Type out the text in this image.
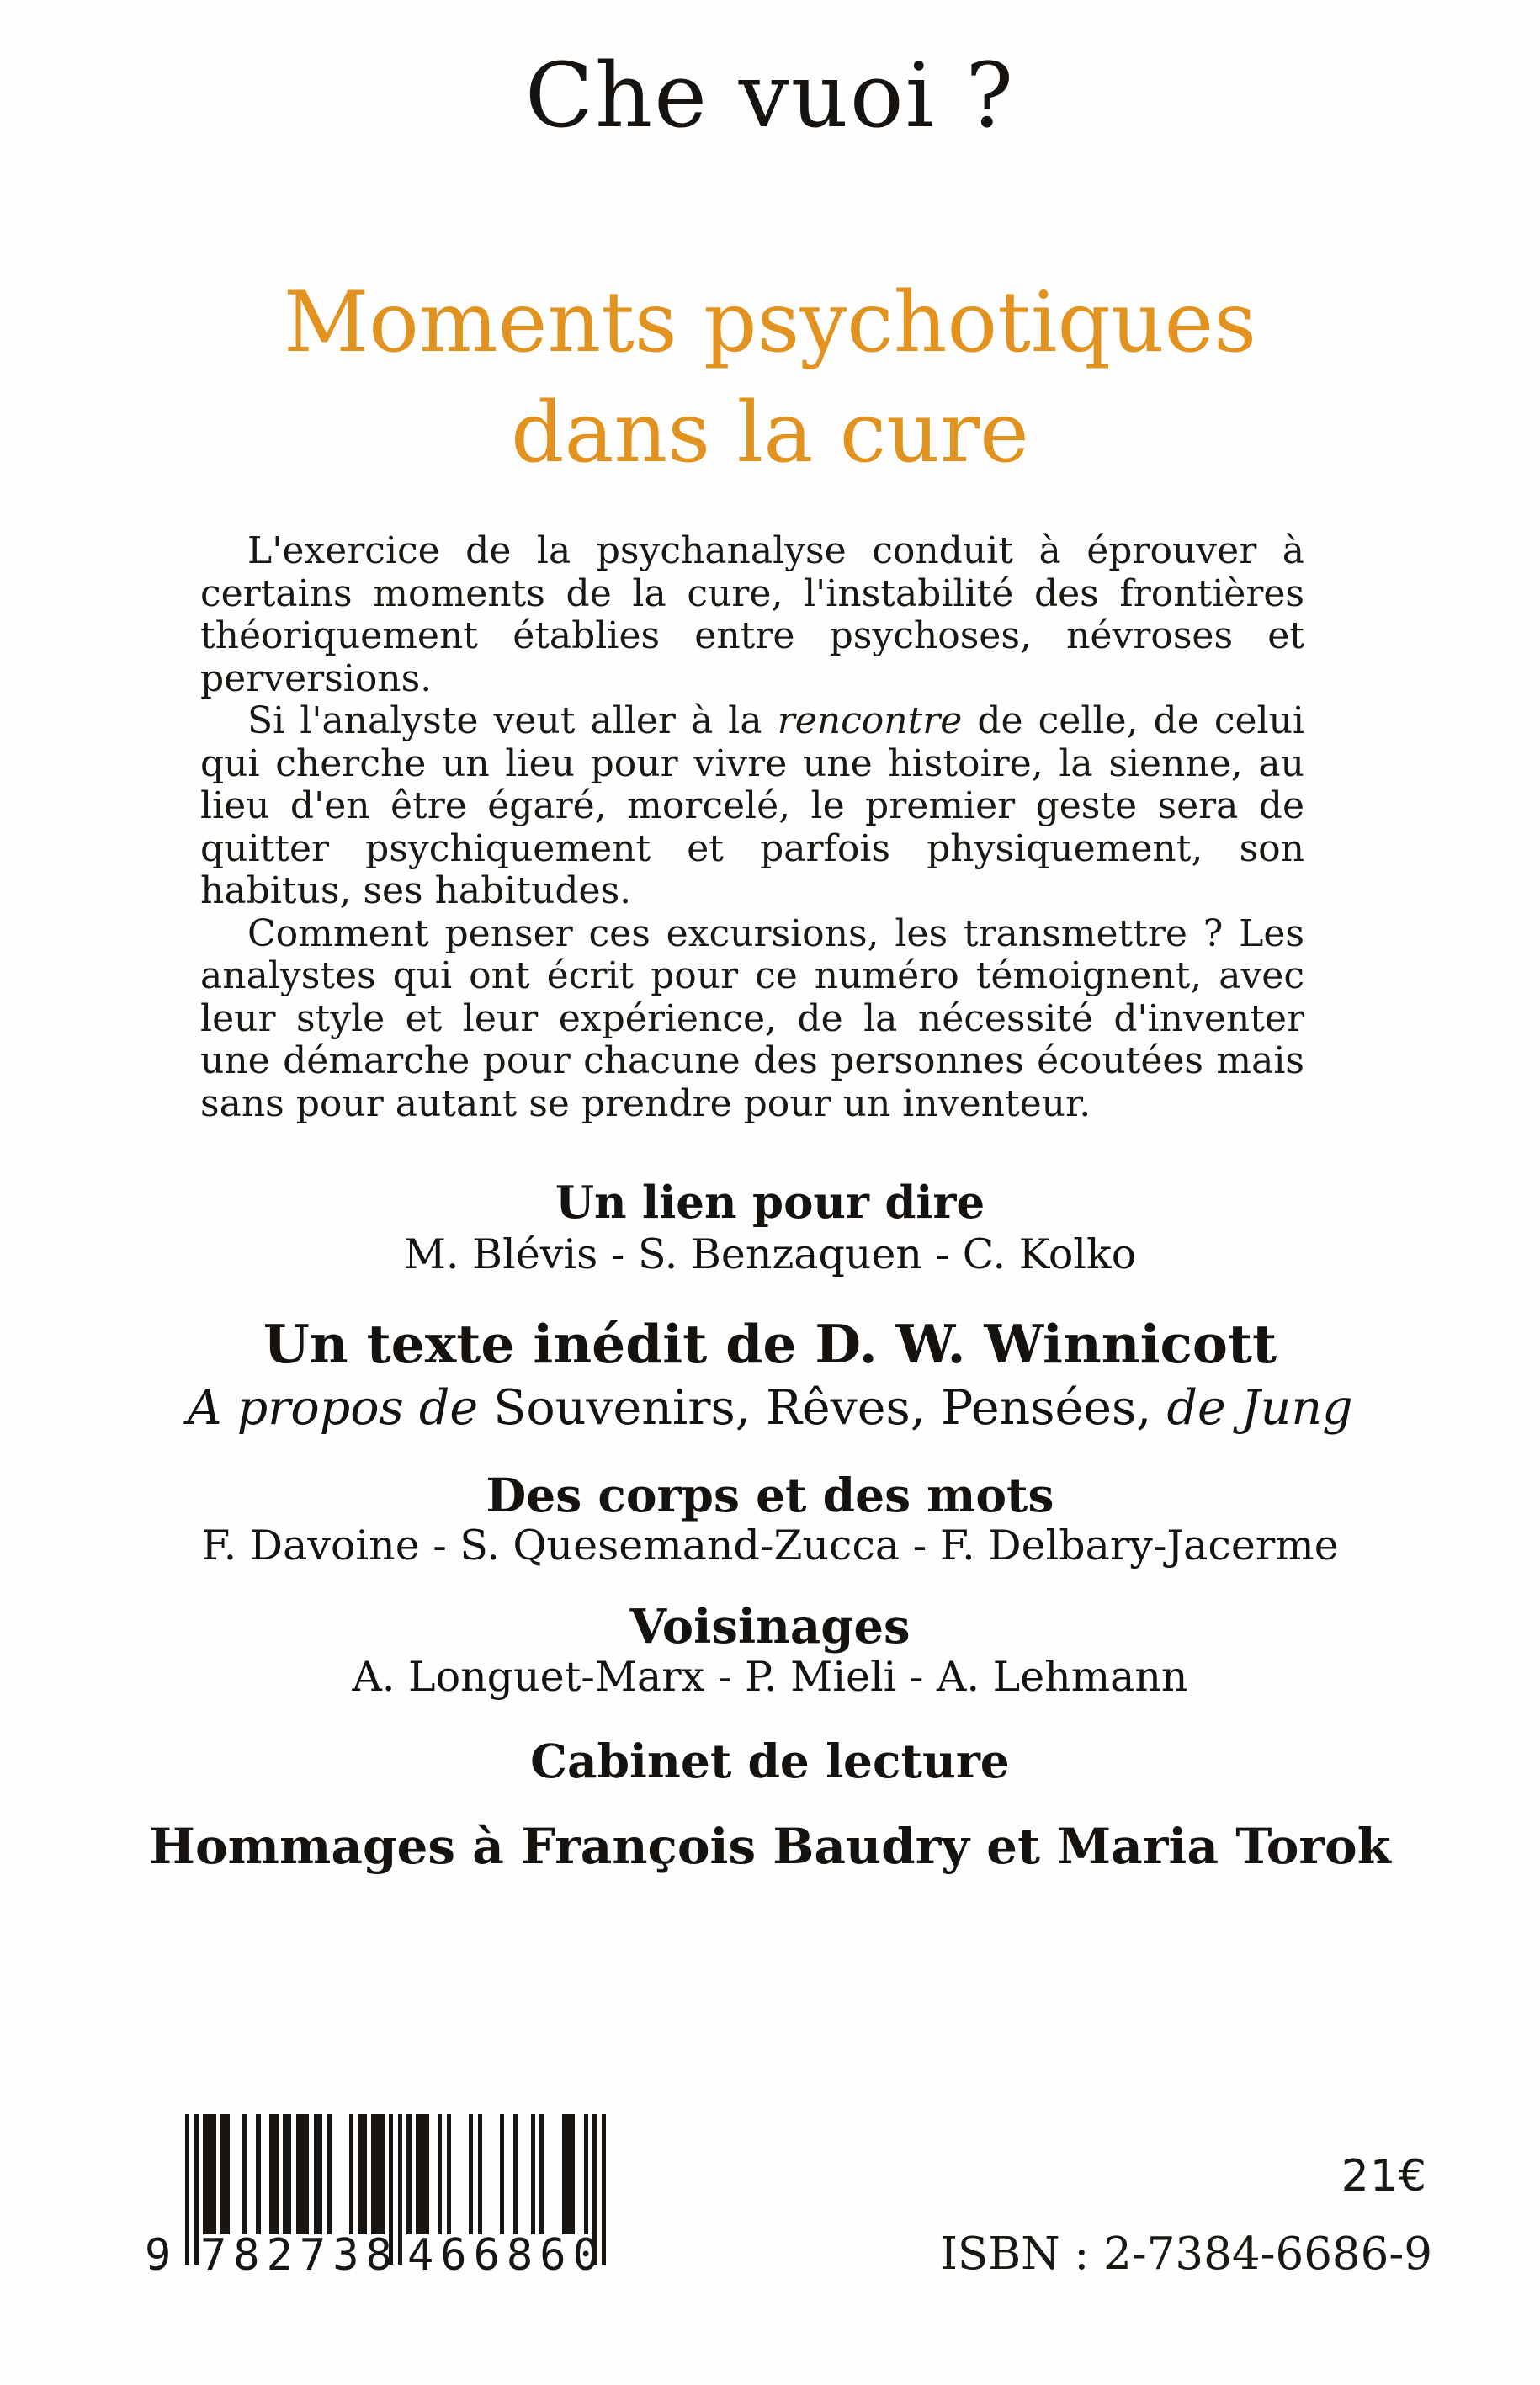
Che vuoi ?
Moments psychotiques
dans la cure

L'exercice de la psychanalyse conduit à éprouver à certains moments de la cure, l'instabilité des frontières théoriquement établies entre psychoses, névroses et perversions.

Si l'analyste veut aller à la rencontre de celle, de celui qui cherche un lieu pour vivre une histoire, la sienne, au lieu d'en être égaré, morcelé, le premier geste sera de quitter psychiquement et parfois physiquement, son habitus, ses habitudes.

Comment penser ces excursions, les transmettre ? Les analystes qui ont écrit pour ce numéro témoignent, avec leur style et leur expérience, de la nécessité d'inventer une démarche pour chacune des personnes écoutées mais sans pour autant se prendre pour un inventeur.

Un lien pour dire
M. Blévis - S. Benzaquen - C. Kolko
Un texte inédit de D. W. Winnicott
A propos de Souvenirs, Rêves, Pensées, de Jung
Des corps et des mots
F. Davoine - S. Quesemand-Zucca - F. Delbary-Jacerme
Voisinages
A. Longuet-Marx - P. Mieli - A. Lehmann
Cabinet de lecture
Hommages à François Baudry et Maria Torok
9 782738 466860
21€
ISBN : 2-7384-6686-9
